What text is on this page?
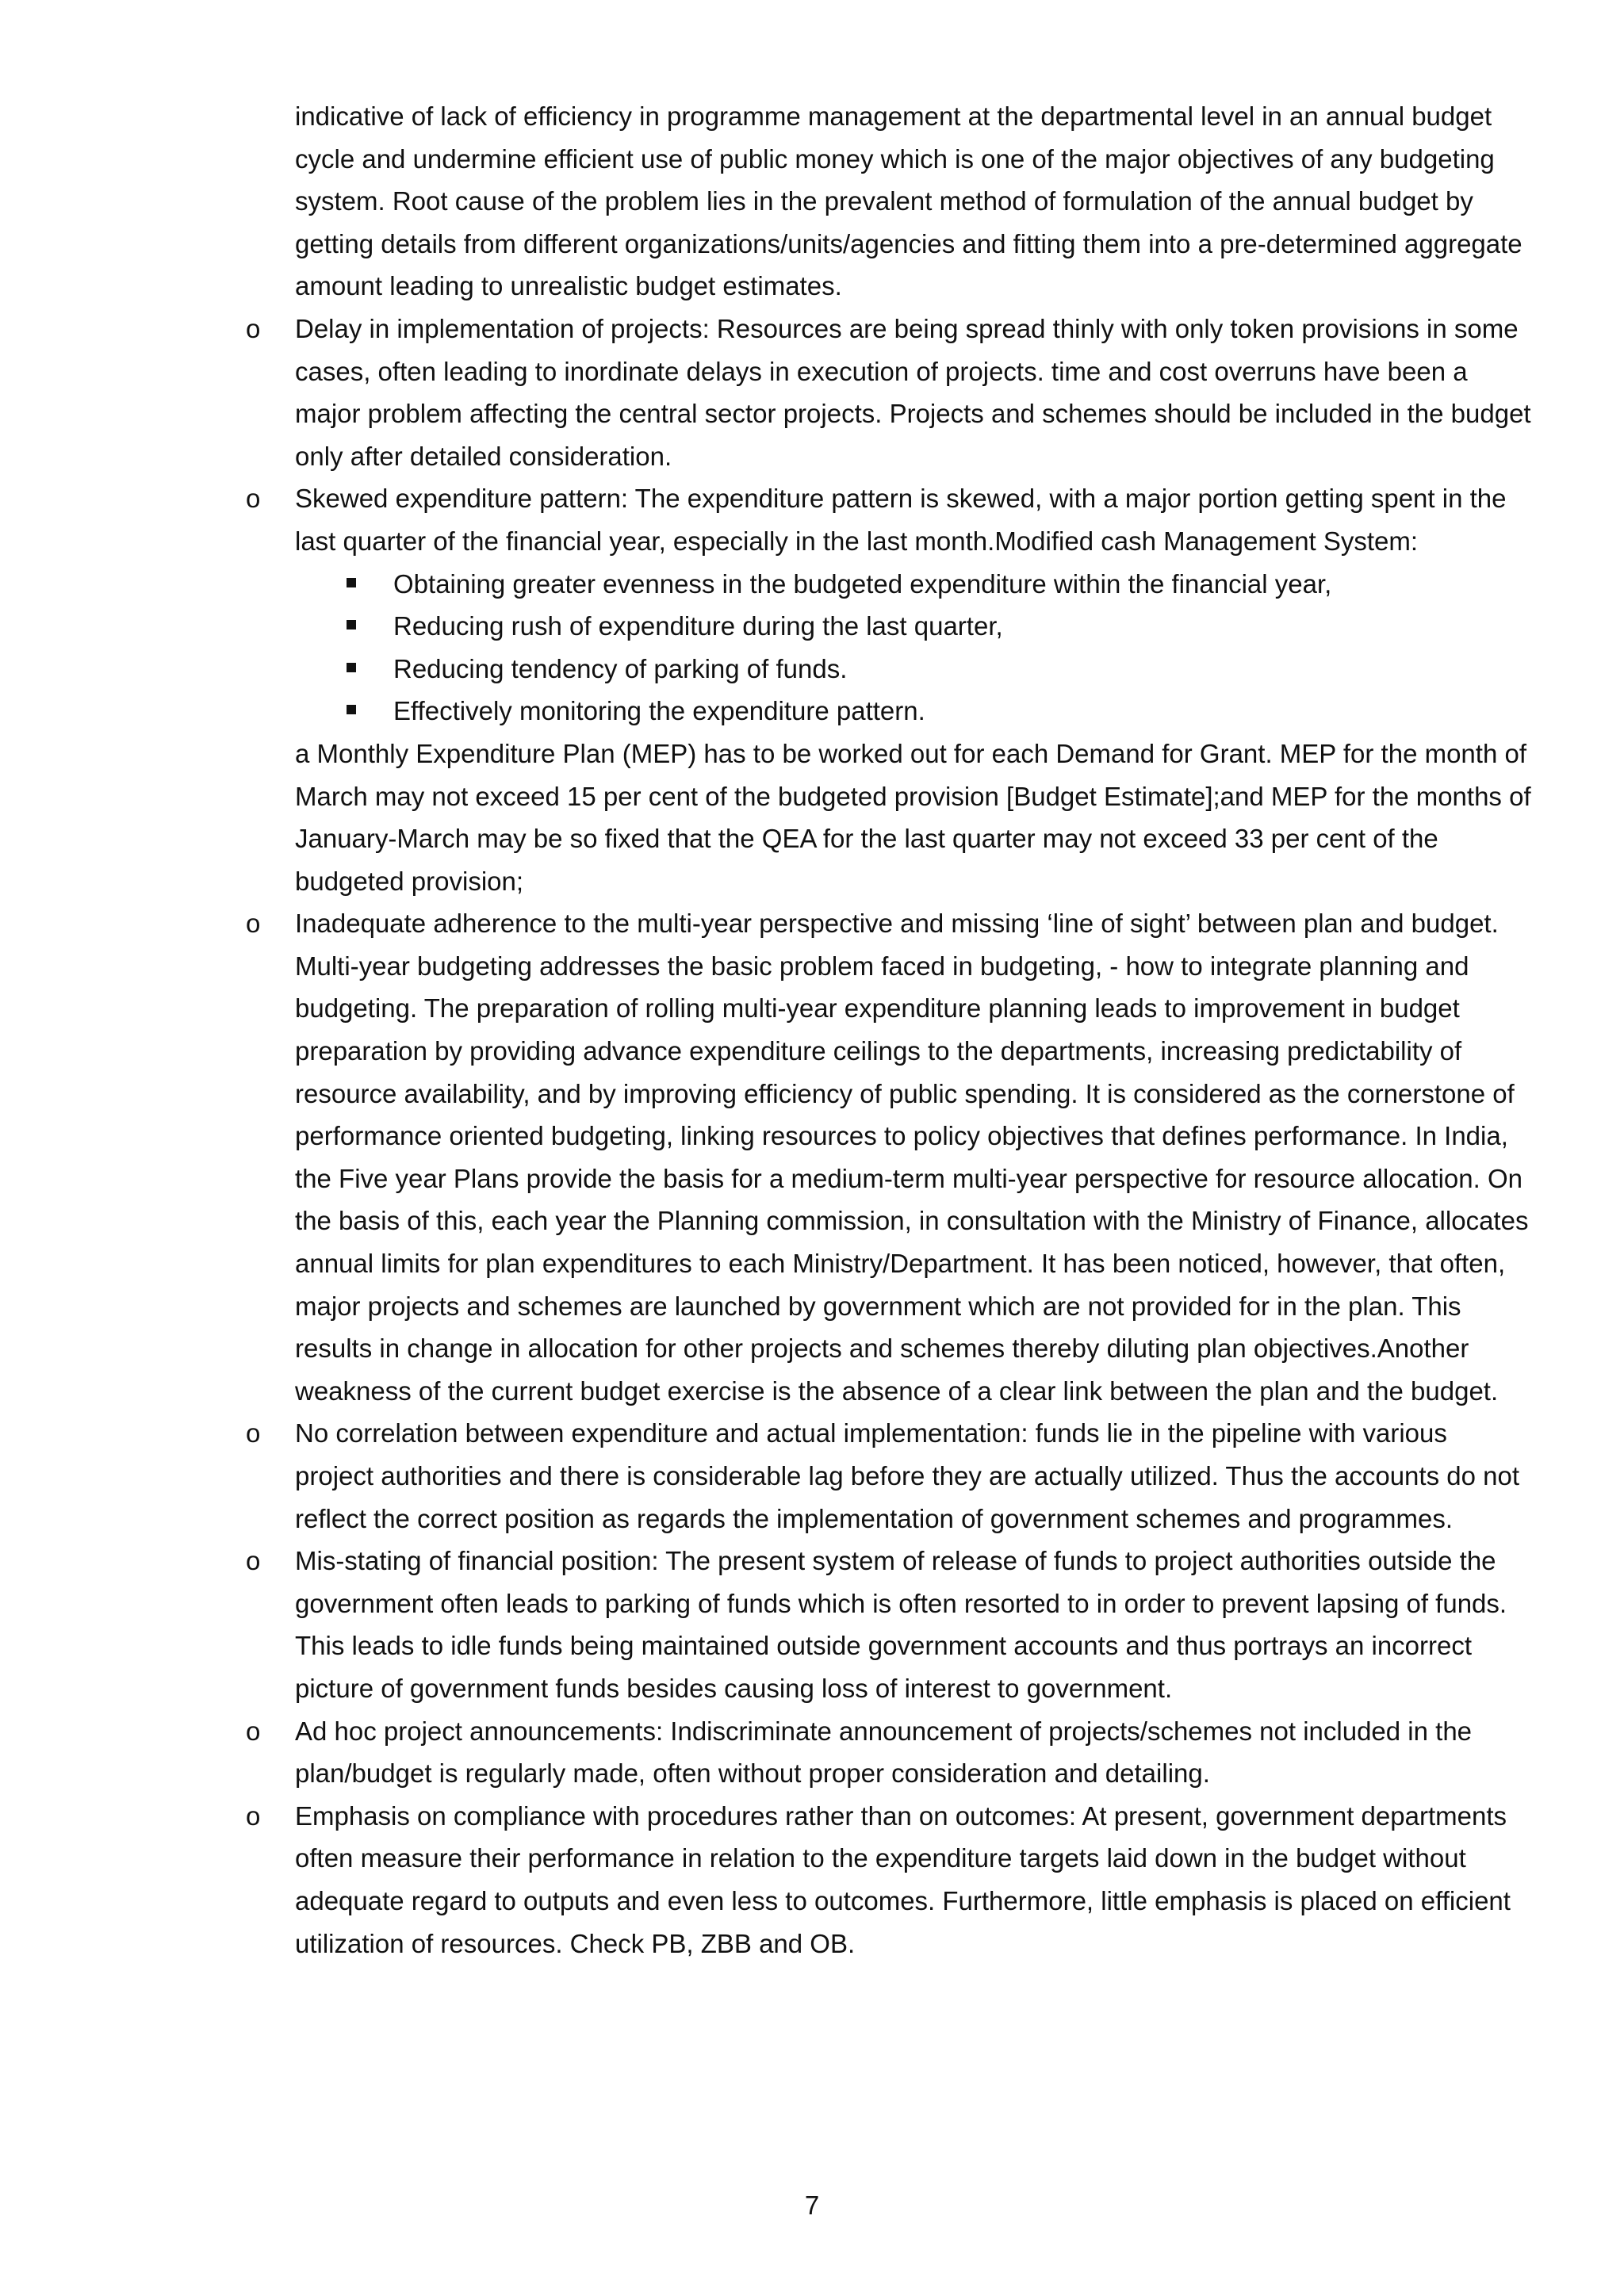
indicative of lack of efficiency in programme management at the departmental level in an annual budget cycle and undermine efficient use of public money which is one of the major objectives of any budgeting system. Root cause of the problem lies in the prevalent method of formulation of the annual budget by getting details from different organizations/units/agencies and fitting them into a pre-determined aggregate amount leading to unrealistic budget estimates.

o Delay in implementation of projects: Resources are being spread thinly with only token provisions in some cases, often leading to inordinate delays in execution of projects. time and cost overruns have been a major problem affecting the central sector projects. Projects and schemes should be included in the budget only after detailed consideration.

o Skewed expenditure pattern: The expenditure pattern is skewed, with a major portion getting spent in the last quarter of the financial year, especially in the last month.Modified cash Management System:

Obtaining greater evenness in the budgeted expenditure within the financial year,
Reducing rush of expenditure during the last quarter,
Reducing tendency of parking of funds.
Effectively monitoring the expenditure pattern.

a Monthly Expenditure Plan (MEP) has to be worked out for each Demand for Grant. MEP for the month of March may not exceed 15 per cent of the budgeted provision [Budget Estimate];and MEP for the months of January-March may be so fixed that the QEA for the last quarter may not exceed 33 per cent of the budgeted provision;

o Inadequate adherence to the multi-year perspective and missing ‘line of sight’ between plan and budget. Multi-year budgeting addresses the basic problem faced in budgeting, - how to integrate planning and budgeting. The preparation of rolling multi-year expenditure planning leads to improvement in budget preparation by providing advance expenditure ceilings to the departments, increasing predictability of resource availability, and by improving efficiency of public spending. It is considered as the cornerstone of performance oriented budgeting, linking resources to policy objectives that defines performance. In India, the Five year Plans provide the basis for a medium-term multi-year perspective for resource allocation. On the basis of this, each year the Planning commission, in consultation with the Ministry of Finance, allocates annual limits for plan expenditures to each Ministry/Department. It has been noticed, however, that often, major projects and schemes are launched by government which are not provided for in the plan. This results in change in allocation for other projects and schemes thereby diluting plan objectives.Another weakness of the current budget exercise is the absence of a clear link between the plan and the budget.

o No correlation between expenditure and actual implementation: funds lie in the pipeline with various project authorities and there is considerable lag before they are actually utilized. Thus the accounts do not reflect the correct position as regards the implementation of government schemes and programmes.

o Mis-stating of financial position: The present system of release of funds to project authorities outside the government often leads to parking of funds which is often resorted to in order to prevent lapsing of funds. This leads to idle funds being maintained outside government accounts and thus portrays an incorrect picture of government funds besides causing loss of interest to government.

o Ad hoc project announcements: Indiscriminate announcement of projects/schemes not included in the plan/budget is regularly made, often without proper consideration and detailing.

o Emphasis on compliance with procedures rather than on outcomes: At present, government departments often measure their performance in relation to the expenditure targets laid down in the budget without adequate regard to outputs and even less to outcomes. Furthermore, little emphasis is placed on efficient utilization of resources. Check PB, ZBB and OB.

7
